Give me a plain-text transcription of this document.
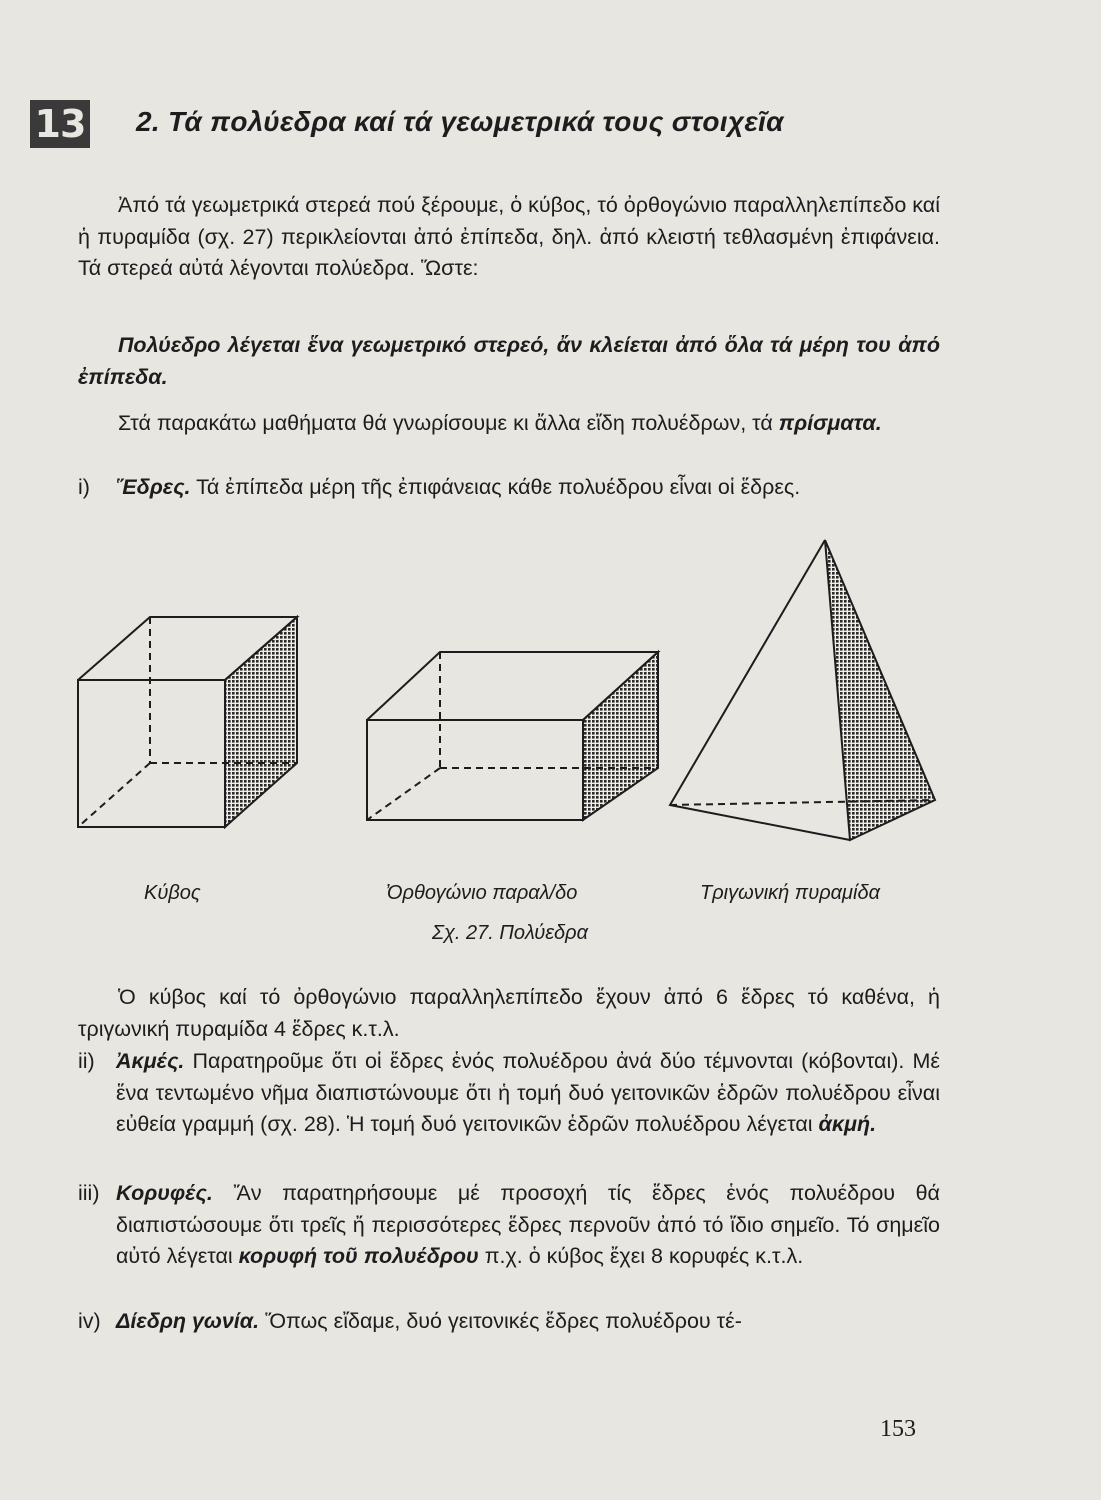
13 2. Τά πολύεδρα καί τά γεωμετρικά τους στοιχεῖα

Ἀπό τά γεωμετρικά στερεά πού ξέρουμε, ὁ κύβος, τό ὀρθογώνιο παραλληλεπίπεδο καί ἡ πυραμίδα (σχ. 27) περικλείονται ἀπό ἐπίπεδα, δηλ. ἀπό κλειστή τεθλασμένη ἐπιφάνεια. Τά στερεά αὐτά λέγονται πολύεδρα. Ὥστε:

Πολύεδρο λέγεται ἕνα γεωμετρικό στερεό, ἄν κλείεται ἀπό ὅλα τά μέρη του ἀπό ἐπίπεδα.

Στά παρακάτω μαθήματα θά γνωρίσουμε κι ἄλλα εἴδη πολυέδρων, τά πρίσματα.

i)	Ἕδρες. Τά ἐπίπεδα μέρη τῆς ἐπιφάνειας κάθε πολυέδρου εἶναι οἱ ἕδρες.
Κύβος	Ὀρθογώνιο παραλ/δο	Τριγωνική πυραμίδα
Σχ. 27. Πολύεδρα

Ὁ κύβος καί τό ὀρθογώνιο παραλληλεπίπεδο ἔχουν ἀπό 6 ἕδρες τό καθένα, ἡ τριγωνική πυραμίδα 4 ἕδρες κ.τ.λ.

ii) Ἀκμές. Παρατηροῦμε ὅτι οἱ ἕδρες ἑνός πολυέδρου ἀνά δύο τέμνονται (κόβονται). Μέ ἕνα τεντωμένο νῆμα διαπιστώνουμε ὅτι ἡ τομή δυό γειτονικῶν ἑδρῶν πολυέδρου εἶναι εὐθεία γραμμή (σχ. 28). Ἡ τομή δυό γειτονικῶν ἑδρῶν πολυέδρου λέγεται ἀκμή.
iii) Κορυφές. Ἄν παρατηρήσουμε μέ προσοχή τίς ἕδρες ἑνός πολυέδρου θά διαπιστώσουμε ὅτι τρεῖς ἤ περισσότερες ἕδρες περνοῦν ἀπό τό ἴδιο σημεῖο. Τό σημεῖο αὐτό λέγεται κορυφή τοῦ πολυέδρου π.χ. ὁ κύβος ἔχει 8 κορυφές κ.τ.λ.
iv) Δίεδρη γωνία. Ὅπως εἴδαμε, δυό γειτονικές ἕδρες πολυέδρου τέ-
153
